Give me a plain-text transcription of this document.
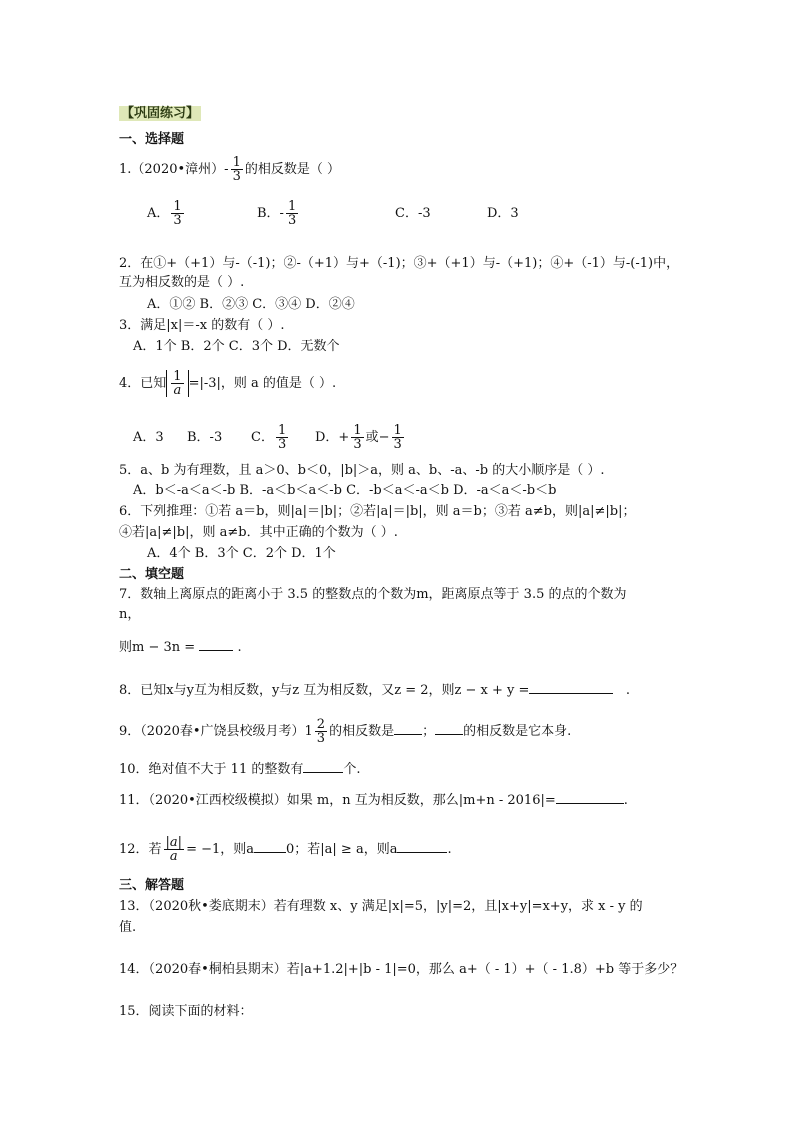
【巩固练习】
一、选择题
1.（2020•漳州）- $\frac{1}{3}$ 的相反数是（ ）
A． $\frac{1}{3}$	B．- $\frac{1}{3}$	C．-3	D．3
2．在①+（+1）与-（-1)；②-（+1）与+（-1)；③+（+1）与-（+1)；④+（-1）与-(-1)中，
互为相反数的是（ ）.
A．①② B．②③ C．③④ D．②④
3．满足|x|＝-x 的数有（ ）.
A．1个 B．2个 C．3个 D．无数个
4．已知 $\frac{1}{a} =|-3|$，则 a 的值是（ ）.
A．3 B．-3 C． $\frac{1}{3}$ D．+ $\frac{1}{3}$ 或− $\frac{1}{3}$
5．a、b 为有理数，且 a＞0、b＜0，|b|＞a，则 a、b、-a、-b 的大小顺序是（ ）.
A．b＜-a＜a＜-b B．-a＜b＜a＜-b C．-b＜a＜-a＜b D．-a＜a＜-b＜b
6．下列推理：①若 a＝b，则|a|＝|b|；②若|a|＝|b|，则 a＝b；③若 a≠b，则|a|≠|b|；
④若|a|≠|b|，则 a≠b．其中正确的个数为（ ）.
A．4个 B．3个 C．2个 D．1个
二、填空题
7．数轴上离原点的距离小于 3.5 的整数点的个数为m，距离原点等于 3.5 的点的个数为
n，
则m − 3n =	.
8．已知x与y互为相反数，y与z 互为相反数，又z = 2，则z − x + y =	.
9．（2020春•广饶县校级月考）$1 \frac{2}{3}$ 的相反数是 ； 的相反数是它本身.
10．绝对值不大于 11 的整数有	个.
11．（2020•江西校级模拟）如果 m，n 互为相反数，那么|m+n - 2016|=	.
12．若 $\frac{|a|}{a} = -1$，则a 0；若|a| ≥ a，则a	.
三、解答题
13．（2020秋•娄底期末）若有理数 x、y 满足|x|=5，|y|=2，且|x+y|=x+y，求 x - y 的
值.
14．（2020春•桐柏县期末）若|a+1.2|+|b - 1|=0，那么 a+（ - 1）+（ - 1.8）+b 等于多少？
15．阅读下面的材料：
